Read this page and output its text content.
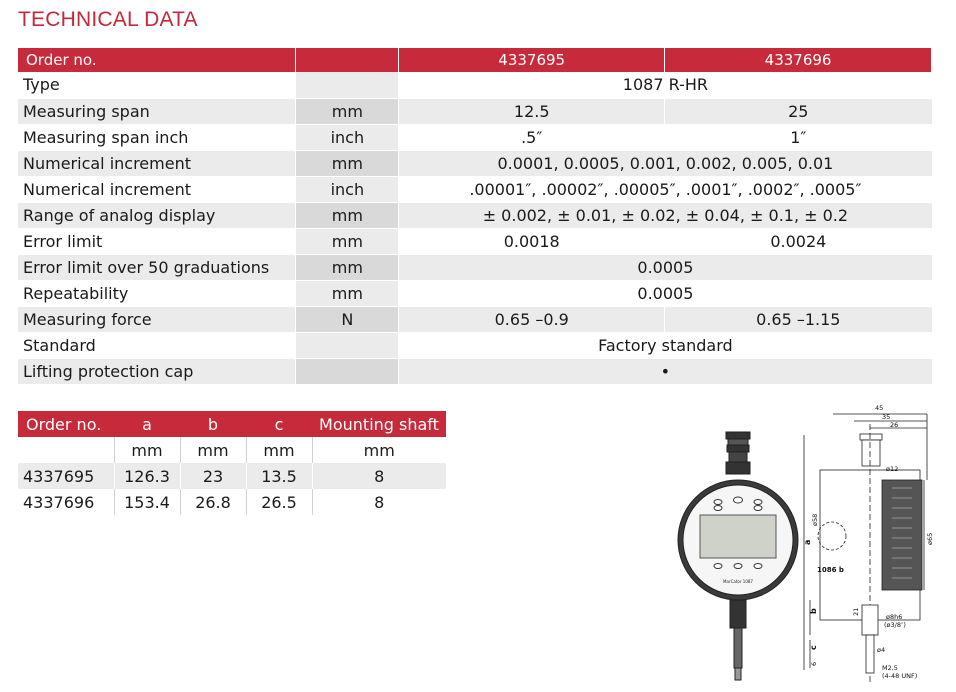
TECHNICAL DATA
Order no.		4337695	4337696
Type		1087 R-HR	
Measuring span	mm	12.5	25
Measuring span inch	inch	.5″	1″
Numerical increment	mm	0.0001, 0.0005, 0.001, 0.002, 0.005, 0.01	
Numerical increment	inch	.00001″, .00002″, .00005″, .0001″, .0002″, .0005″	
Range of analog display	mm	± 0.002, ± 0.01, ± 0.02, ± 0.04, ± 0.1, ± 0.2	
Error limit	mm	0.0018	0.0024
Error limit over 50 graduations	mm	0.0005	
Repeatability	mm	0.0005	
Measuring force	N	0.65 –0.9	0.65 –1.15
Standard		Factory standard	
Lifting protection cap		•	
Order no.	a	b	c	Mounting shaft
	mm	mm	mm	mm
4337695	126.3	23	13.5	8
4337696	153.4	26.8	26.5	8
MarCator 1087
45
35
26
ø12
ø58
ø65
1086 b
21
ø8h6
(ø3/8″)
ø4
M2,5
(4-48 UNF)
a
b
c
6
